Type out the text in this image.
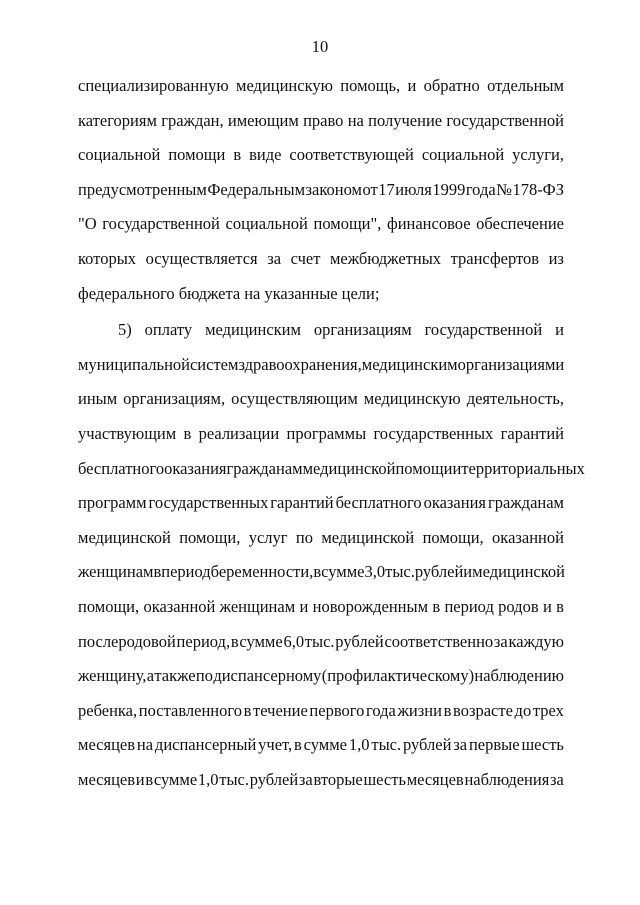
10
специализированную медицинскую помощь, и обратно отдельным
категориям граждан, имеющим право на получение государственной
социальной помощи в виде соответствующей социальной услуги,
предусмотренным Федеральным законом от 17 июля 1999 года № 178-ФЗ
"О государственной социальной помощи", финансовое обеспечение
которых осуществляется за счет межбюджетных трансфертов из
федерального бюджета на указанные цели;
5) оплату медицинским организациям государственной и
муниципальной систем здравоохранения, медицинским организациям и
иным организациям, осуществляющим медицинскую деятельность,
участвующим в реализации программы государственных гарантий
бесплатного оказания гражданам медицинской помощи и территориальных
программ государственных гарантий бесплатного оказания гражданам
медицинской помощи, услуг по медицинской помощи, оказанной
женщинам в период беременности, в сумме 3,0 тыс. рублей и медицинской
помощи, оказанной женщинам и новорожденным в период родов и в
послеродовой период, в сумме 6,0 тыс. рублей соответственно за каждую
женщину, а также по диспансерному (профилактическому) наблюдению
ребенка, поставленного в течение первого года жизни в возрасте до трех
месяцев на диспансерный учет, в сумме 1,0 тыс. рублей за первые шесть
месяцев и в сумме 1,0 тыс. рублей за вторые шесть месяцев наблюдения за
